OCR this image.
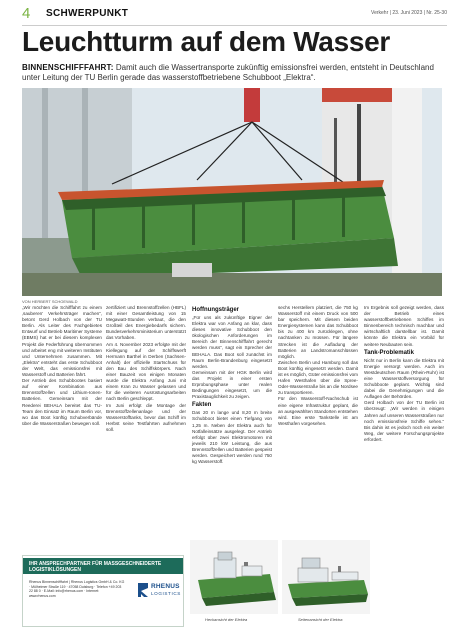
4 SCHWERPUNKT	Verkehr | 23. Juni 2023 | Nr. 25-30
Leuchtturm auf dem Wasser
BINNENSCHIFFFAHRT: Damit auch die Wassertransporte zukünftig emissionsfrei werden, entsteht in Deutschland unter Leitung der TU Berlin gerade das wasserstoffbetriebene Schubboot „Elektra“.
FOTO: TU BERLIN
VON HERBERT SCHOEWALD

„Wir möchten die Schifffahrt zu einem ‚sauberen‘ Verkehrsträger machen“, betont Gerd Holbach von der TU Berlin. Als Leiter des Fachgebietes Entwurf und Betrieb Maritimer Systeme (EBMS) hat er bei diesem komplexen Projekt die Federführung übernommen und arbeitet eng mit weiteren Instituten und Unternehmen zusammen. Mit „Elektra“ entsteht das erste Schubboot der Welt, das emissionsfrei mit Wasserstoff und Batterien fährt.

Der Antrieb des Schubbootes basiert auf einer Kombination aus Brennstoffzellen und Lithium-Ionen-Batterien. Gemeinsam mit der Reederei BEHALA bereitet das TU-Team den Einsatz im Raum Berlin vor, wo das Boot künftig Schubverbände über die Wasserstraßen bewegen soll.

zertifiziert und Brennstoffzellen (HBFL) mit einer Gesamtleistung von 15 Megawatt-Stunden verbaut, die den Großteil des Energiebedarfs sichern. Bundesverkehrsministerium unterstützt das Vorhaben.

Am 4. November 2023 erfolgte mit der Kiellegung auf der Schiffswerft Hermann Barthel in Derben (Sachsen-Anhalt) der offizielle Startschuss für den Bau des Schiffskörpers. Nach einer Bauzeit von einigen Monaten wurde die Elektra Anfang Juni mit einem Kran zu Wasser gelassen und für die weiteren Ausrüstungsarbeiten nach Berlin geschleppt.

Im Juni erfolgt die Montage der Brennstoffzellenanlage und der Wasserstofftanks, bevor das Schiff im Herbst seine Testfahrten aufnehmen soll.

Hoffnungsträger

„Für uns als zukünftige Eigner der Elektra war von Anfang an klar, dass dieses innovative Schubboot den ökologischen Anforderungen im Bereich der Binnenschifffahrt gerecht werden muss“, sagt ein Sprecher der BEHALA. Das Boot soll zunächst im Raum Berlin-Brandenburg eingesetzt werden.

Gemeinsam mit der HGK Berlin wird das Projekt in einer ersten Erprobungsphase unter realen Bedingungen eingesetzt, um die Praxistauglichkeit zu zeigen.

Fakten

Das 20 m lange und 8,20 m breite Schubboot bietet einen Tiefgang von 1,25 m. Neben der Elektra auch für Notfalleinsätze ausgelegt. Der Antrieb erfolgt über zwei Elektromotoren mit jeweils 210 kW Leistung, die aus Brennstoffzellen und Batterien gespeist werden. Gespeichert werden rund 750 kg Wasserstoff.

sechs Herstellern platziert, die 750 kg Wasserstoff mit einem Druck von 500 bar speichern. Mit diesem beiden Energiesystemen kann das Schubboot bis zu 400 km zurücklegen, ohne nachtanken zu müssen. Für längere Strecken ist die Aufladung der Batterien an Landstromanschlüssen möglich.

Zwischen Berlin und Hamburg soll das Boot künftig eingesetzt werden. Damit ist es möglich, Güter emissionsfrei vom Hafen Westhafen über die Spree-Oder-Wasserstraße bis an die Nordsee zu transportieren.

Für den Wasserstoff-Nachschub ist eine eigene Infrastruktur geplant, die an ausgewählten Standorten entstehen wird. Eine erste Tankstelle ist am Westhafen vorgesehen.

Im Ergebnis soll gezeigt werden, dass der Betrieb eines wasserstoffbetriebenen Schiffes im Binnenbereich technisch machbar und wirtschaftlich darstellbar ist. Damit könnte die Elektra ein Vorbild für weitere Neubauten sein.

Tank-Problematik

Nicht nur in Berlin kann die Elektra mit Energie versorgt werden. Auch im Westdeutschen Raum (Rhein-Ruhr) ist eine Wasserstoffversorgung für Schubboote geplant. Wichtig sind dabei die Genehmigungen und die Auflagen der Behörden.

Gerd Holbach von der TU Berlin ist überzeugt: „Wir werden in einigen Jahren auf unseren Wasserstraßen nur noch emissionsfreie Schiffe sehen.“ Bis dahin ist es jedoch noch ein weiter Weg, der weitere Forschungsprojekte erfordert.

IHR ANSPRECHPARTNER FÜR MASSGESCHNEIDERTE LOGISTIKLÖSUNGEN
Rhenus Binnenschifffahrt | Rhenus Logistics GmbH & Co. KG · Mülheimer Straße 119 · 47058 Duisburg · Telefon +49 203 22 88 0 · E-Mail: info@rhenus.com · Internet: www.rhenus.com
RHENUS
LOGISTICS
Heckansicht der Elektra	Seitenansicht der Elektra
